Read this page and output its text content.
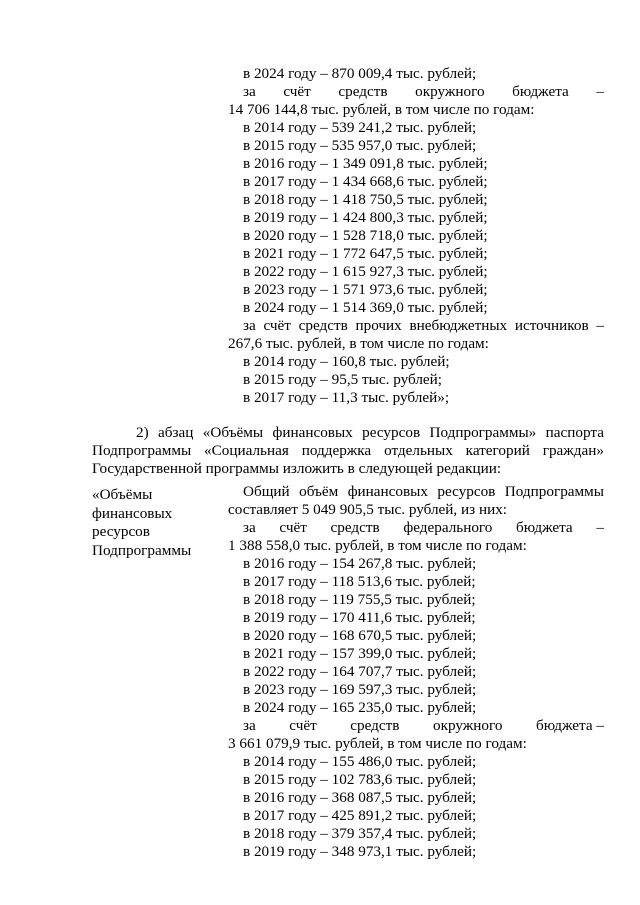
в 2024 году – 870 009,4 тыс. рублей;
за счёт средств окружного бюджета –
14 706 144,8 тыс. рублей, в том числе по годам:
в 2014 году – 539 241,2 тыс. рублей;
в 2015 году – 535 957,0 тыс. рублей;
в 2016 году – 1 349 091,8 тыс. рублей;
в 2017 году – 1 434 668,6 тыс. рублей;
в 2018 году – 1 418 750,5 тыс. рублей;
в 2019 году – 1 424 800,3 тыс. рублей;
в 2020 году – 1 528 718,0 тыс. рублей;
в 2021 году – 1 772 647,5 тыс. рублей;
в 2022 году – 1 615 927,3 тыс. рублей;
в 2023 году – 1 571 973,6 тыс. рублей;
в 2024 году – 1 514 369,0 тыс. рублей;
за счёт средств прочих внебюджетных источников –
267,6 тыс. рублей, в том числе по годам:
в 2014 году – 160,8 тыс. рублей;
в 2015 году – 95,5 тыс. рублей;
в 2017 году – 11,3 тыс. рублей»;
2) абзац «Объёмы финансовых ресурсов Подпрограммы» паспорта
Подпрограммы «Социальная поддержка отдельных категорий граждан»
Государственной программы изложить в следующей редакции:
«Объёмы
финансовых
ресурсов
Подпрограммы
Общий объём финансовых ресурсов Подпрограммы
составляет 5 049 905,5 тыс. рублей, из них:
за счёт средств федерального бюджета –
1 388 558,0 тыс. рублей, в том числе по годам:
в 2016 году – 154 267,8 тыс. рублей;
в 2017 году – 118 513,6 тыс. рублей;
в 2018 году – 119 755,5 тыс. рублей;
в 2019 году – 170 411,6 тыс. рублей;
в 2020 году – 168 670,5 тыс. рублей;
в 2021 году – 157 399,0 тыс. рублей;
в 2022 году – 164 707,7 тыс. рублей;
в 2023 году – 169 597,3 тыс. рублей;
в 2024 году – 165 235,0 тыс. рублей;
за счёт средств окружного бюджета –
3 661 079,9 тыс. рублей, в том числе по годам:
в 2014 году – 155 486,0 тыс. рублей;
в 2015 году – 102 783,6 тыс. рублей;
в 2016 году – 368 087,5 тыс. рублей;
в 2017 году – 425 891,2 тыс. рублей;
в 2018 году – 379 357,4 тыс. рублей;
в 2019 году – 348 973,1 тыс. рублей;
